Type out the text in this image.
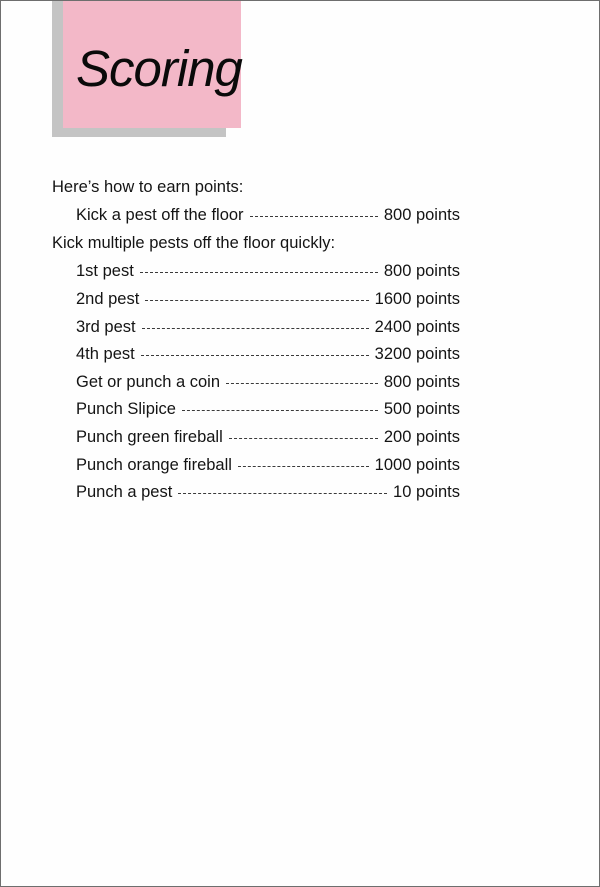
Scoring
Here’s how to earn points:
Kick a pest off the floor	800 points
1st pest	800 points
2nd pest	1600 points
3rd pest	2400 points
4th pest	3200 points
Get or punch a coin	800 points
Punch Slipice	500 points
Punch green fireball	200 points
Punch orange fireball	1000 points
Punch a pest	10 points
Kick multiple pests off the floor quickly:
